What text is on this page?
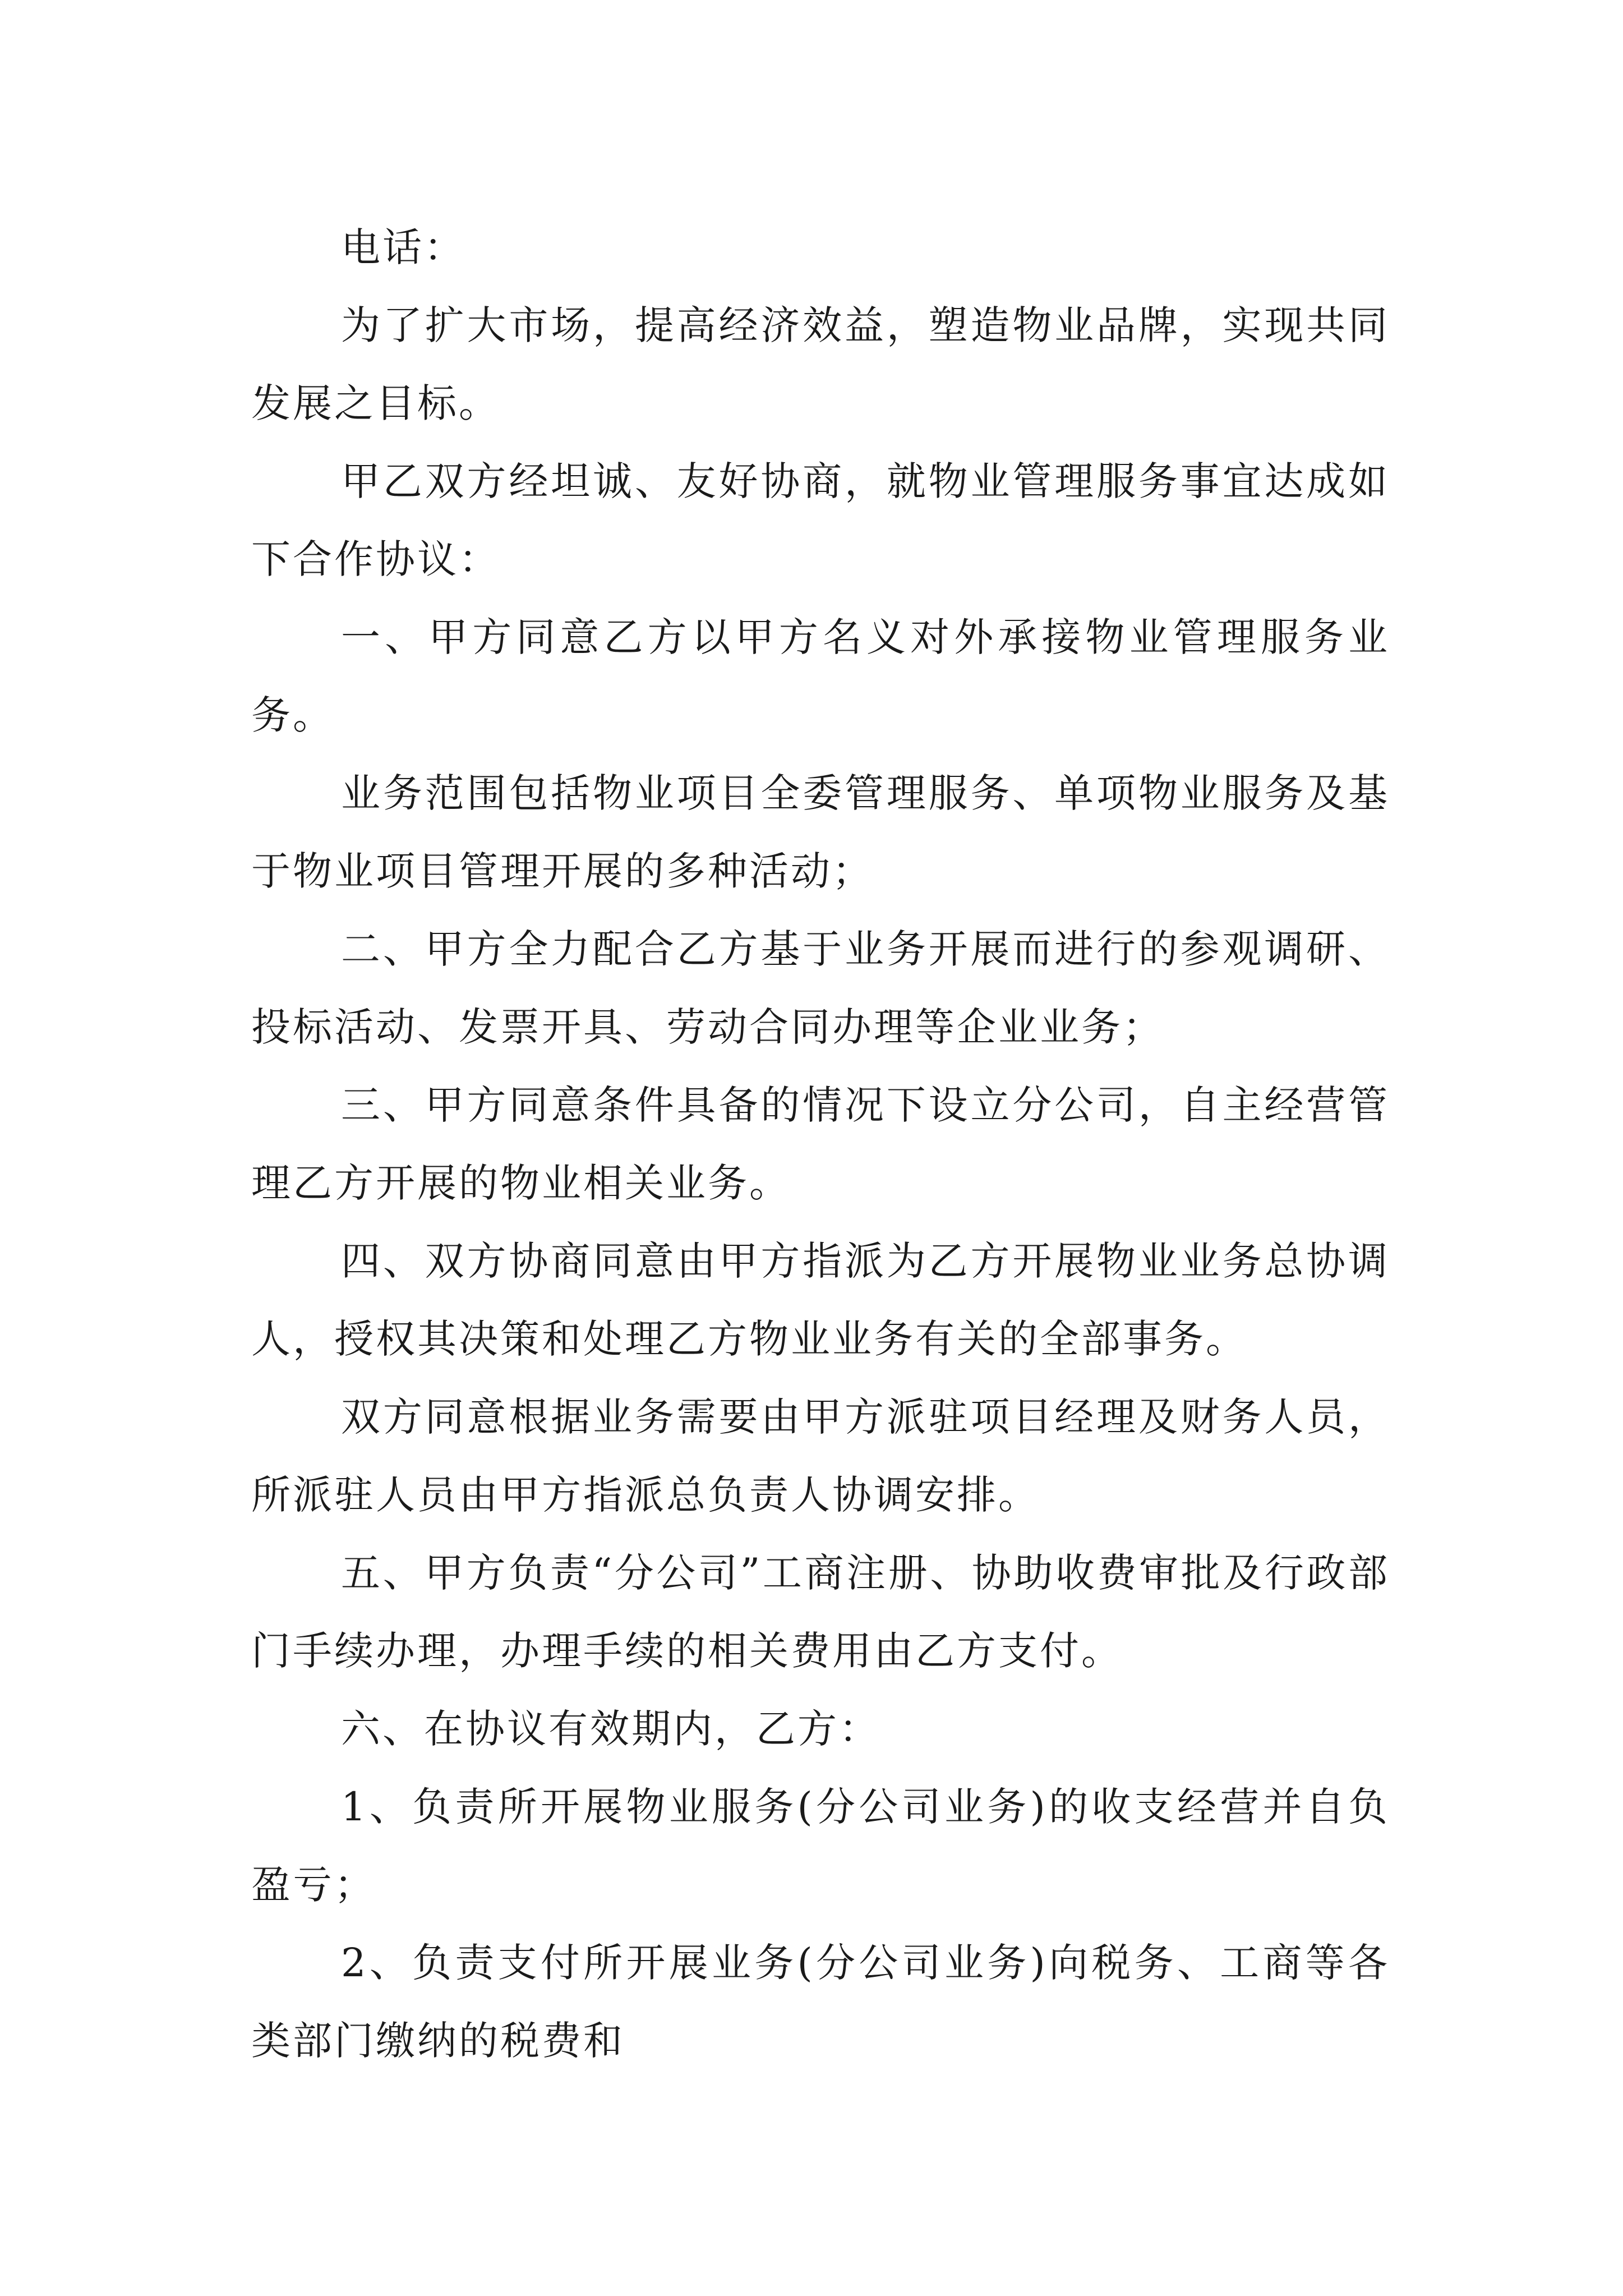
电话：

为了扩大市场，提高经济效益，塑造物业品牌，实现共同发展之目标。

甲乙双方经坦诚、友好协商，就物业管理服务事宜达成如下合作协议：

一、甲方同意乙方以甲方名义对外承接物业管理服务业务。

业务范围包括物业项目全委管理服务、单项物业服务及基于物业项目管理开展的多种活动；

二、甲方全力配合乙方基于业务开展而进行的参观调研、投标活动、发票开具、劳动合同办理等企业业务；

三、甲方同意条件具备的情况下设立分公司，自主经营管理乙方开展的物业相关业务。

四、双方协商同意由甲方指派为乙方开展物业业务总协调人，授权其决策和处理乙方物业业务有关的全部事务。

双方同意根据业务需要由甲方派驻项目经理及财务人员，所派驻人员由甲方指派总负责人协调安排。

五、甲方负责“分公司”工商注册、协助收费审批及行政部门手续办理，办理手续的相关费用由乙方支付。

六、在协议有效期内，乙方：

1、负责所开展物业服务(分公司业务)的收支经营并自负盈亏；

2、负责支付所开展业务(分公司业务)向税务、工商等各类部门缴纳的税费和
